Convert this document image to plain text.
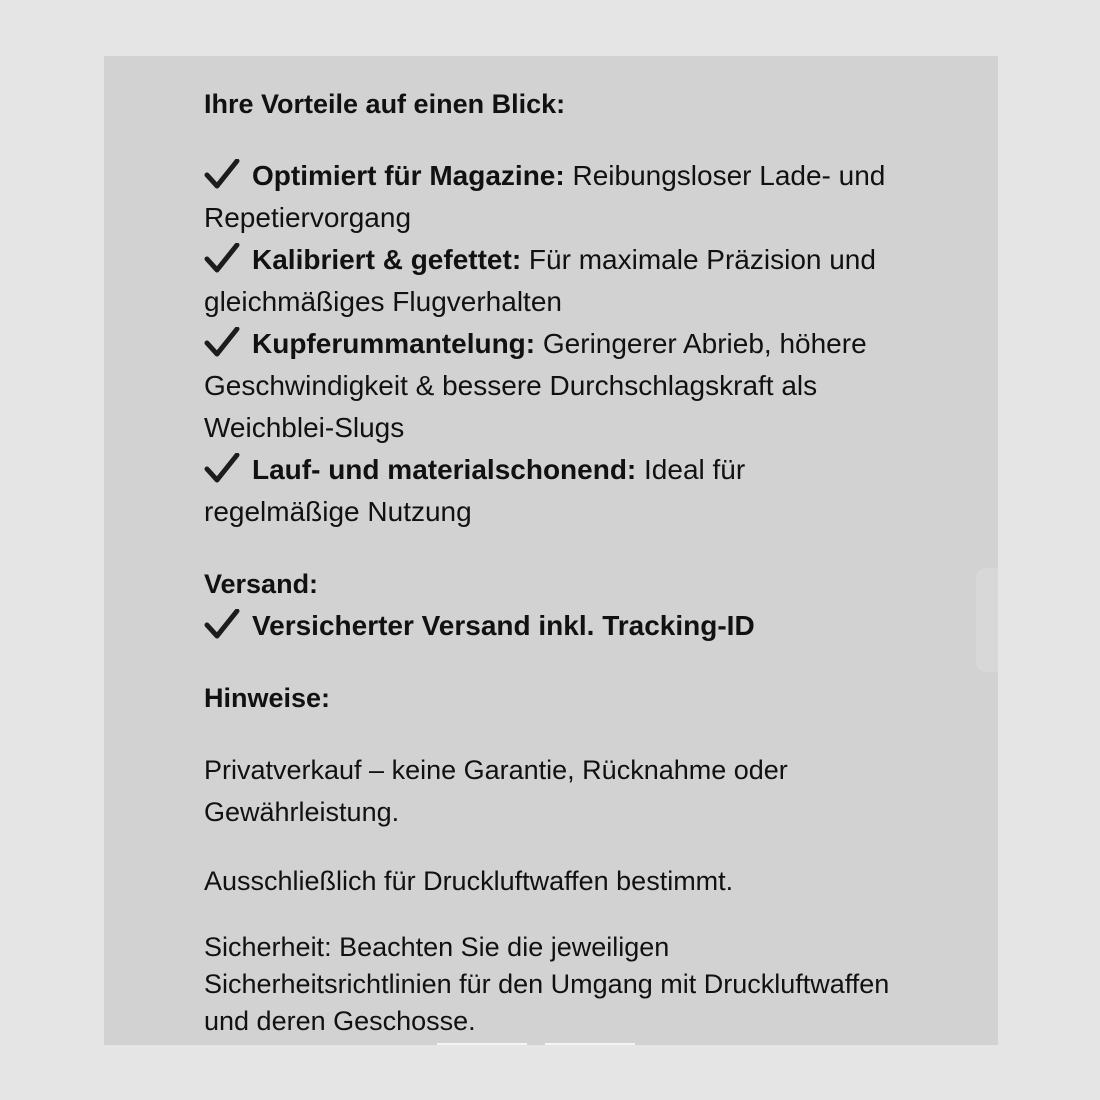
Ihre Vorteile auf einen Blick:
Optimiert für Magazine: Reibungsloser Lade- und Repetiervorgang
Kalibriert & gefettet: Für maximale Präzision und gleichmäßiges Flugverhalten
Kupferummantelung: Geringerer Abrieb, höhere Geschwindigkeit & bessere Durchschlagskraft als Weichblei-Slugs
Lauf- und materialschonend: Ideal für regelmäßige Nutzung
Versand:
Versicherter Versand inkl. Tracking-ID
Hinweise:
Privatverkauf – keine Garantie, Rücknahme oder Gewährleistung.
Ausschließlich für Druckluftwaffen bestimmt.
Sicherheit: Beachten Sie die jeweiligen Sicherheitsrichtlinien für den Umgang mit Druckluftwaffen und deren Geschosse.
